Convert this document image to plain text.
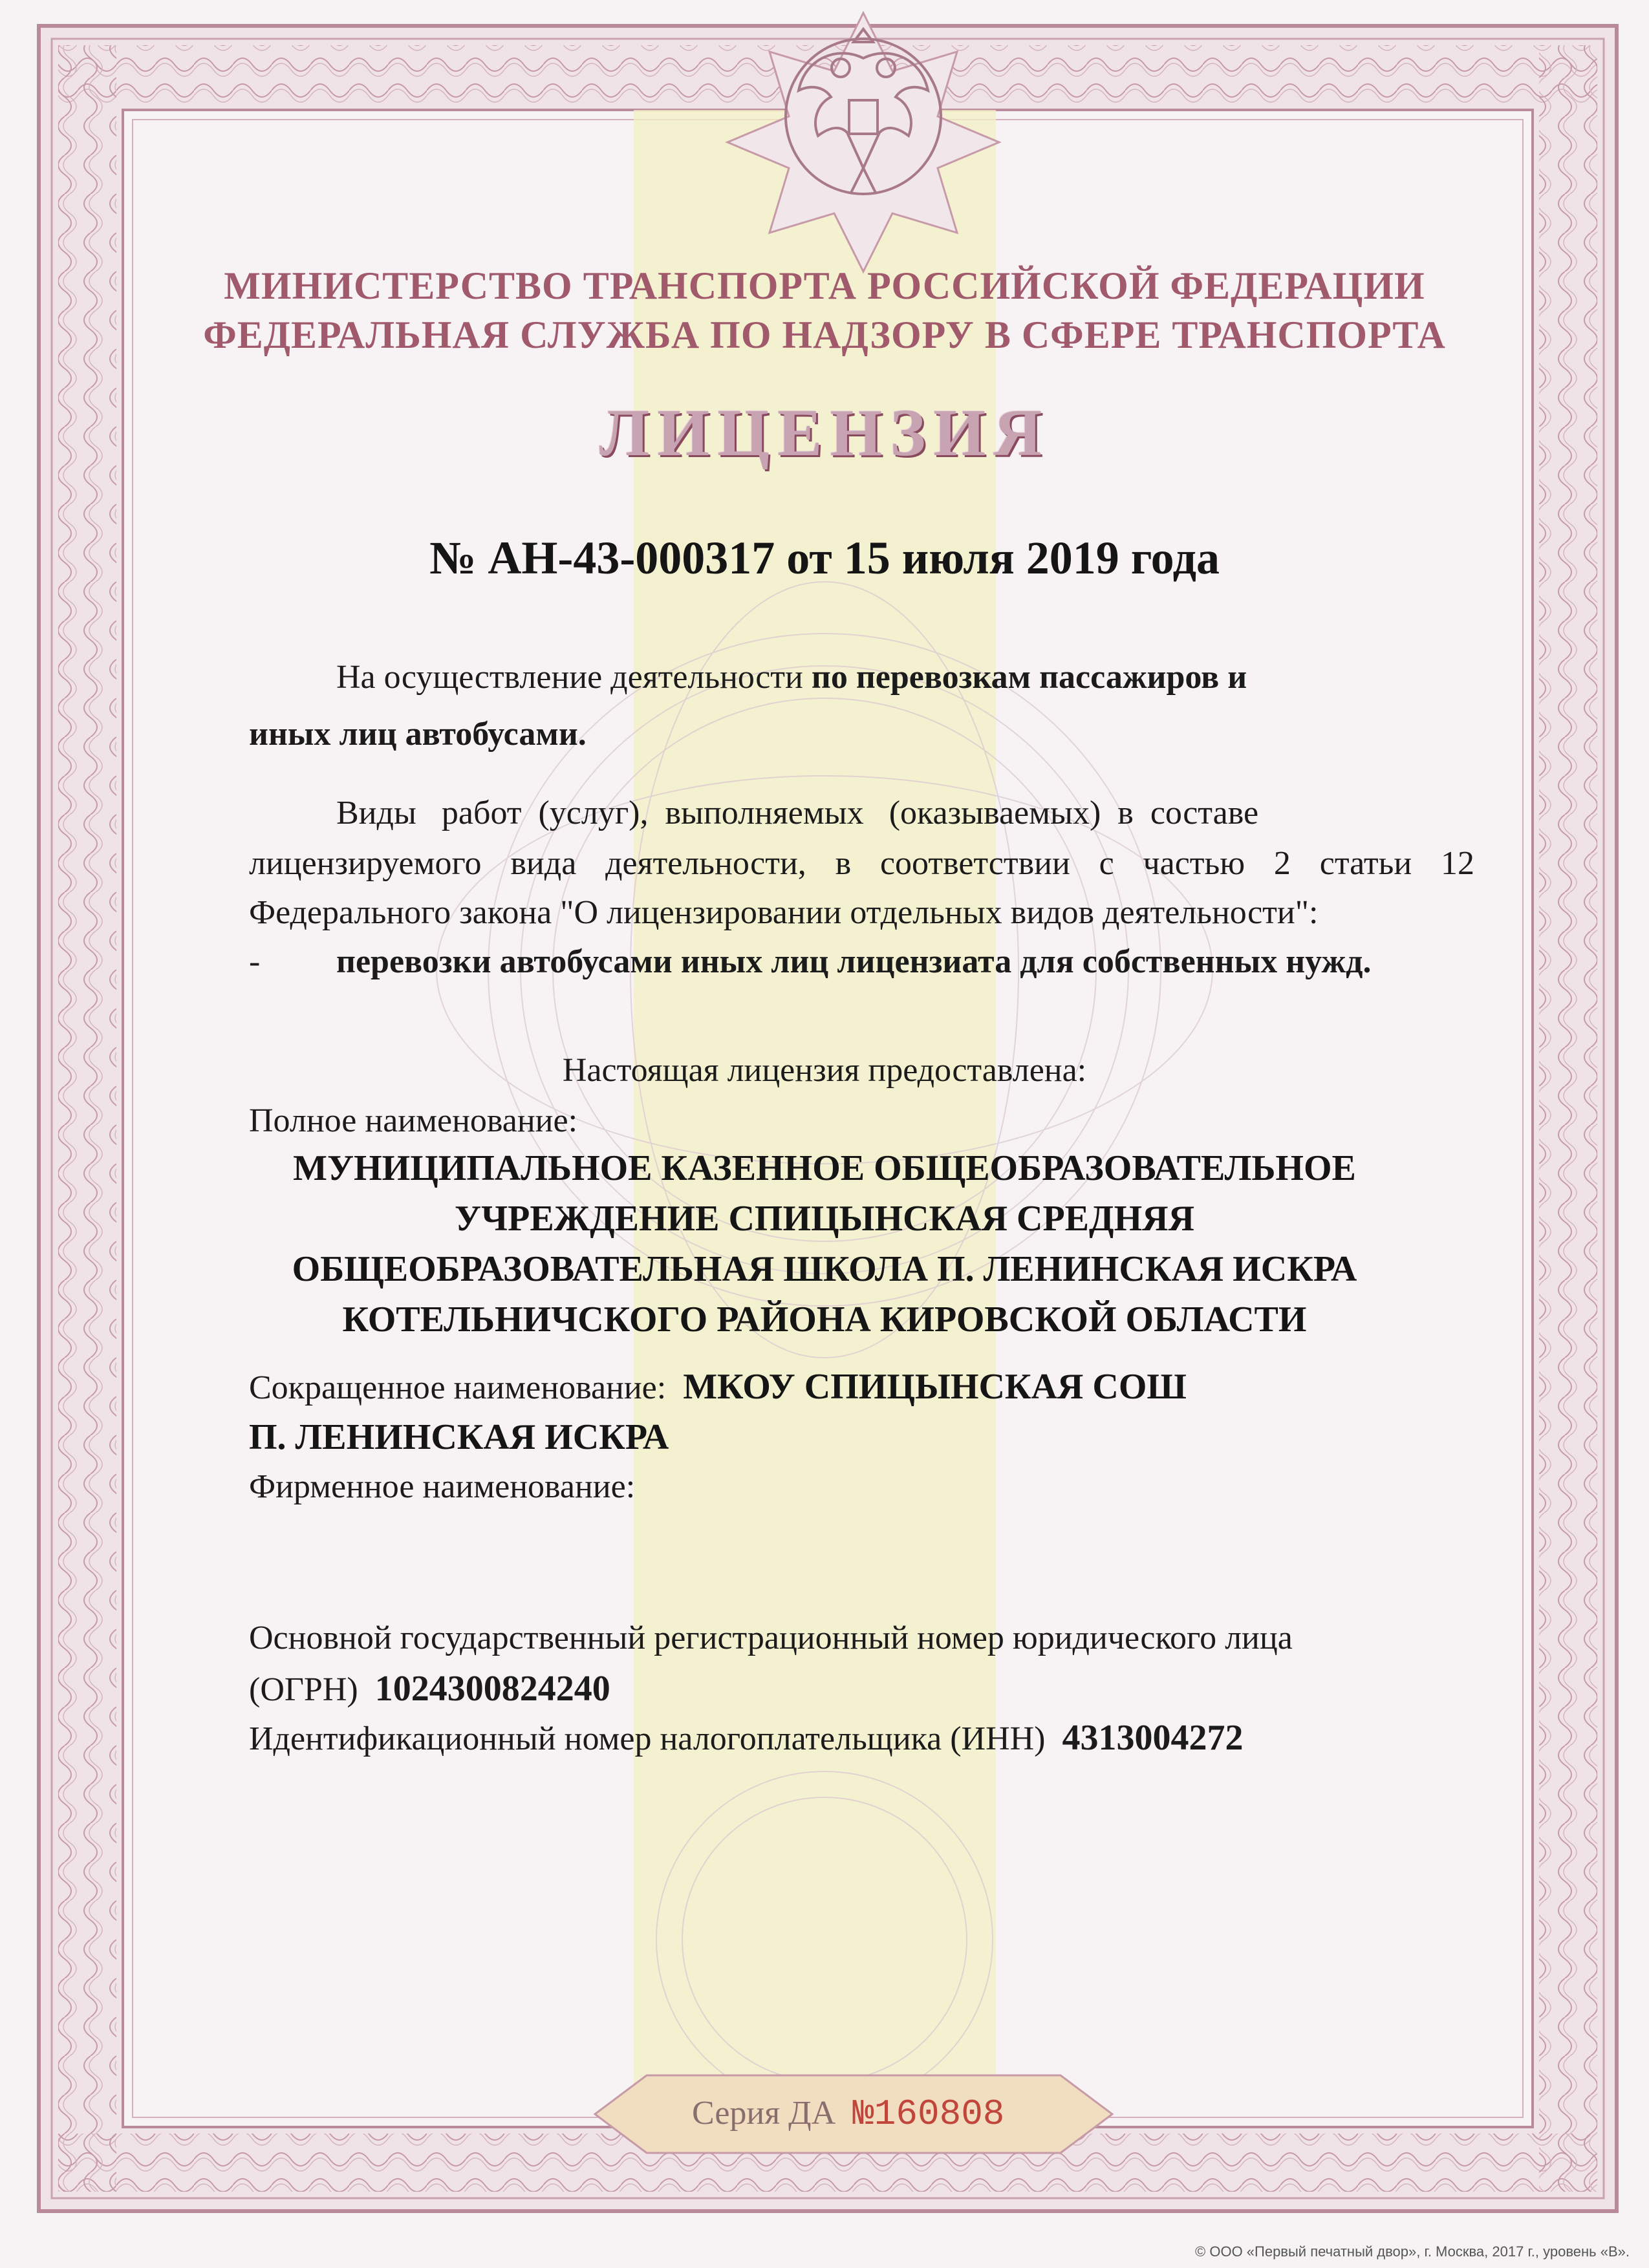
МИНИСТЕРСТВО ТРАНСПОРТА РОССИЙСКОЙ ФЕДЕРАЦИИ
ФЕДЕРАЛЬНАЯ СЛУЖБА ПО НАДЗОРУ В СФЕРЕ ТРАНСПОРТА
ЛИЦЕНЗИЯ
№ АН-43-000317 от 15 июля 2019 года
На осуществление деятельности по перевозкам пассажиров и
иных лиц автобусами.
Виды   работ  (услуг),  выполняемых   (оказываемых)  в  составе
лицензируемого вида деятельности, в соответствии с частью 2 статьи 12
Федерального закона "О лицензировании отдельных видов деятельности":
- перевозки автобусами иных лиц лицензиата для собственных нужд.
Настоящая лицензия предоставлена:
Полное наименование:
МУНИЦИПАЛЬНОЕ КАЗЕННОЕ ОБЩЕОБРАЗОВАТЕЛЬНОЕ
УЧРЕЖДЕНИЕ СПИЦЫНСКАЯ СРЕДНЯЯ
ОБЩЕОБРАЗОВАТЕЛЬНАЯ ШКОЛА П. ЛЕНИНСКАЯ ИСКРА
КОТЕЛЬНИЧСКОГО РАЙОНА КИРОВСКОЙ ОБЛАСТИ
Сокращенное наименование: МКОУ СПИЦЫНСКАЯ СОШ
П. ЛЕНИНСКАЯ ИСКРА
Фирменное наименование:
Основной государственный регистрационный номер юридического лица
(ОГРН) 1024300824240
Идентификационный номер налогоплательщика (ИНН) 4313004272
Серия ДА №160808
© ООО «Первый печатный двор», г. Москва, 2017 г., уровень «В».
